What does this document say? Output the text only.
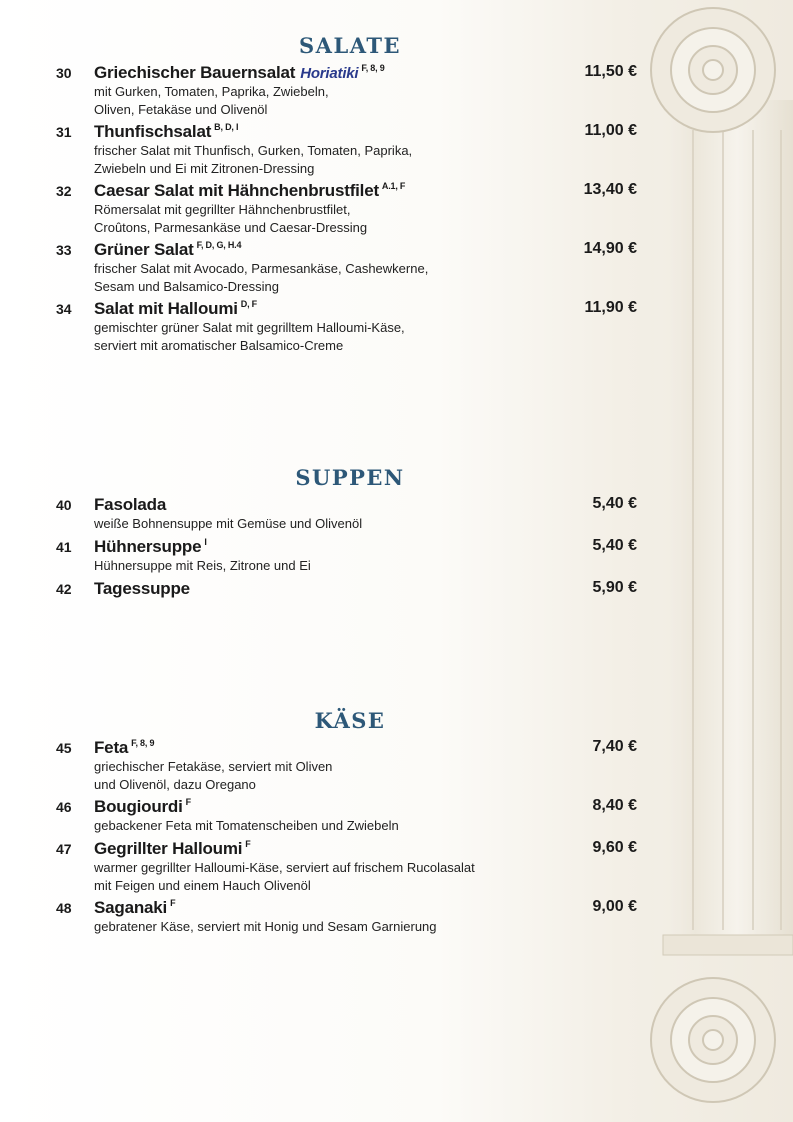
SALATE
30 Griechischer Bauernsalat Horiatiki $^{F, 8, 9}$	11,50 €
mit Gurken, Tomaten, Paprika, Zwiebeln,
Oliven, Fetakäse und Olivenöl
31 Thunfischsalat $^{B, D, I}$	11,00 €
frischer Salat mit Thunfisch, Gurken, Tomaten, Paprika,
Zwiebeln und Ei mit Zitronen-Dressing
32 Caesar Salat mit Hähnchenbrustfilet $^{A.1, F}$	13,40 €
Römersalat mit gegrillter Hähnchenbrustfilet,
Croûtons, Parmesankäse und Caesar-Dressing
33 Grüner Salat $^{F, D, G, H.4}$	14,90 €
frischer Salat mit Avocado, Parmesankäse, Cashewkerne,
Sesam und Balsamico-Dressing
34 Salat mit Halloumi $^{D, F}$	11,90 €
gemischter grüner Salat mit gegrilltem Halloumi-Käse,
serviert mit aromatischer Balsamico-Creme
SUPPEN
40 Fasolada	5,40 €
weiße Bohnensuppe mit Gemüse und Olivenöl
41 Hühnersuppe $^I$	5,40 €
Hühnersuppe mit Reis, Zitrone und Ei
42 Tagessuppe	5,90 €
KÄSE
45 Feta $^{F, 8, 9}$	7,40 €
griechischer Fetakäse, serviert mit Oliven
und Olivenöl, dazu Oregano
46 Bougiourdi $^F$	8,40 €
gebackener Feta mit Tomatenscheiben und Zwiebeln
47 Gegrillter Halloumi $^F$	9,60 €
warmer gegrillter Halloumi-Käse, serviert auf frischem Rucolasalat
mit Feigen und einem Hauch Olivenöl
48 Saganaki $^F$	9,00 €
gebratener Käse, serviert mit Honig und Sesam Garnierung
